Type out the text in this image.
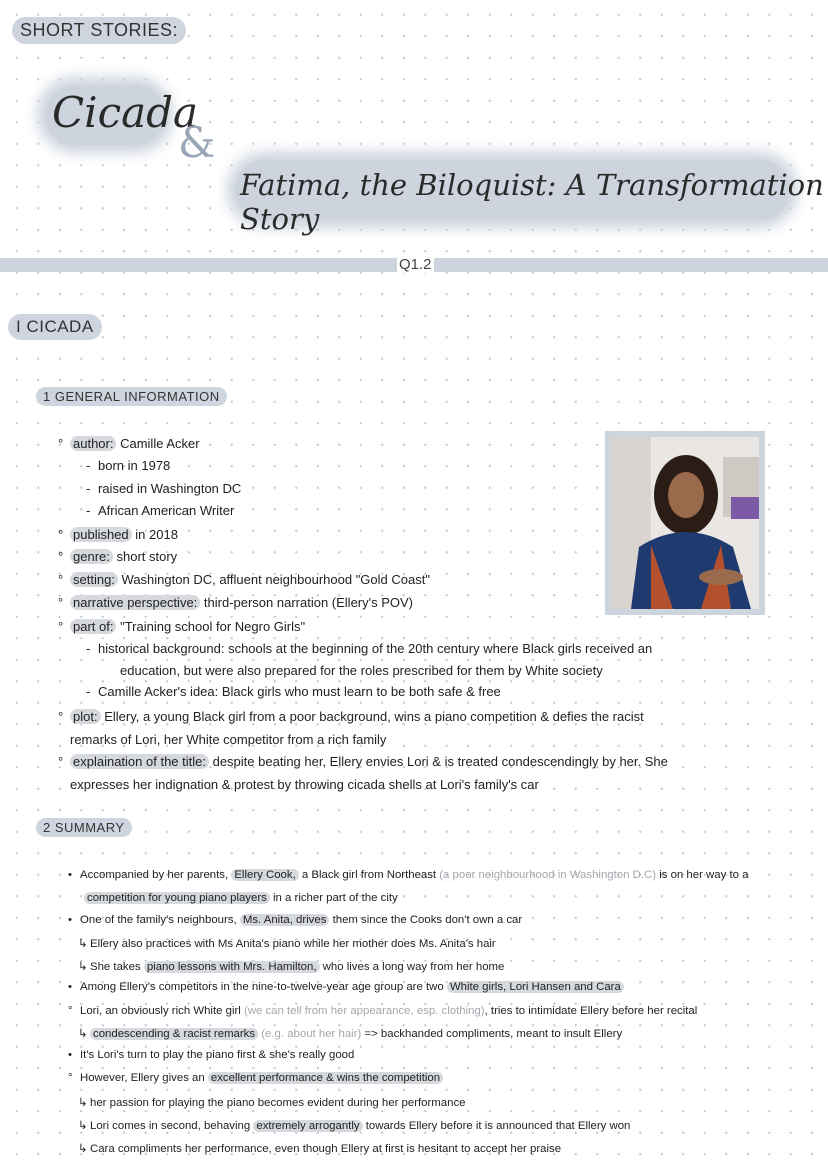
SHORT STORIES:
Cicada
&
Fatima, the Biloquist: A Transformation Story
Q1.2
I CICADA
1 GENERAL INFORMATION
2 SUMMARY
° author: Camille Acker
- born in 1978
- raised in Washington DC
- African American Writer
° published in 2018
° genre: short story
° setting: Washington DC, affluent neighbourhood "Gold Coast"
° narrative perspective: third-person narration (Ellery's POV)
° part of: "Training school for Negro Girls"
- historical background: schools at the beginning of the 20th century where Black girls received an
education, but were also prepared for the roles prescribed for them by White society
- Camille Acker's idea: Black girls who must learn to be both safe & free
° plot: Ellery, a young Black girl from a poor background, wins a piano competition & defies the racist
remarks of Lori, her White competitor from a rich family
° explaination of the title: despite beating her, Ellery envies Lori & is treated condescendingly by her. She
expresses her indignation & protest by throwing cicada shells at Lori's family's car
• Accompanied by her parents, Ellery Cook, a Black girl from Northeast (a poor neighbourhood in Washington D.C) is on her way to a
competition for young piano players in a richer part of the city
• One of the family's neighbours, Ms. Anita, drives them since the Cooks don't own a car
↳ Ellery also practices with Ms Anita's piano while her mother does Ms. Anita's hair
↳ She takes piano lessons with Mrs. Hamilton, who lives a long way from her home
• Among Ellery's competitors in the nine-to-twelve-year age group are two White girls, Lori Hansen and Cara
° Lori, an obviously rich White girl (we can tell from her appearance, esp. clothing), tries to intimidate Ellery before her recital
↳ condescending & racist remarks (e.g. about her hair) => backhanded compliments, meant to insult Ellery
• It's Lori's turn to play the piano first & she's really good
° However, Ellery gives an excellent performance & wins the competition
↳ her passion for playing the piano becomes evident during her performance
↳ Lori comes in second, behaving extremely arrogantly towards Ellery before it is announced that Ellery won
↳ Cara compliments her performance, even though Ellery at first is hesitant to accept her praise
